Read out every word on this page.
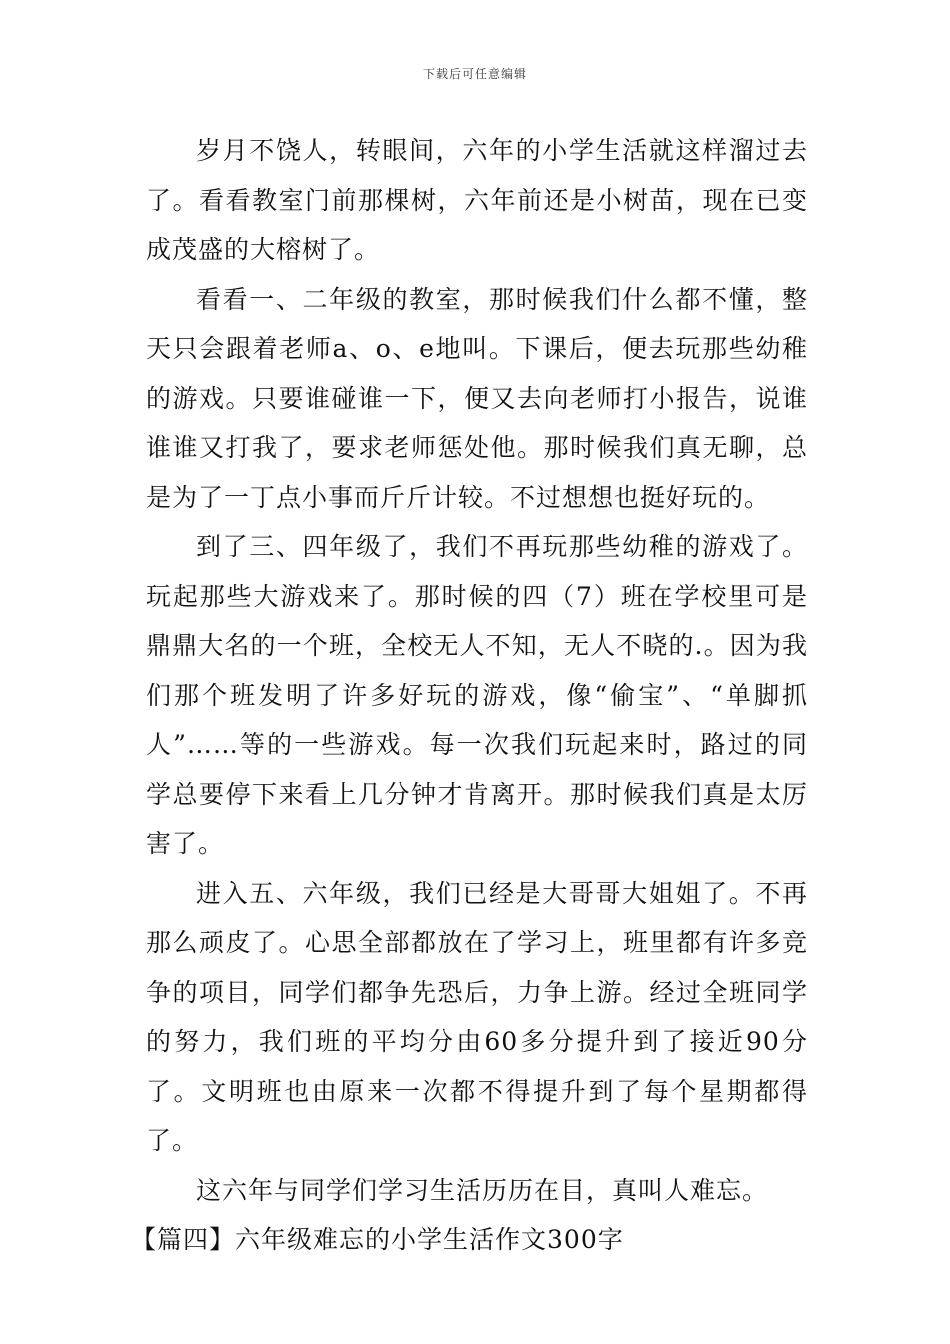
下载后可任意编辑

岁月不饶人，转眼间，六年的小学生活就这样溜过去了。看看教室门前那棵树，六年前还是小树苗，现在已变成茂盛的大榕树了。

看看一、二年级的教室，那时候我们什么都不懂，整天只会跟着老师a、o、e地叫。下课后，便去玩那些幼稚的游戏。只要谁碰谁一下，便又去向老师打小报告，说谁谁谁又打我了，要求老师惩处他。那时候我们真无聊，总是为了一丁点小事而斤斤计较。不过想想也挺好玩的。

到了三、四年级了，我们不再玩那些幼稚的游戏了。玩起那些大游戏来了。那时候的四（7）班在学校里可是鼎鼎大名的一个班，全校无人不知，无人不晓的.。因为我们那个班发明了许多好玩的游戏，像“偷宝”、“单脚抓人”……等的一些游戏。每一次我们玩起来时，路过的同学总要停下来看上几分钟才肯离开。那时候我们真是太厉害了。

进入五、六年级，我们已经是大哥哥大姐姐了。不再那么顽皮了。心思全部都放在了学习上，班里都有许多竞争的项目，同学们都争先恐后，力争上游。经过全班同学的努力，我们班的平均分由60多分提升到了接近90分了。文明班也由原来一次都不得提升到了每个星期都得了。

这六年与同学们学习生活历历在目，真叫人难忘。

【篇四】六年级难忘的小学生活作文300字
